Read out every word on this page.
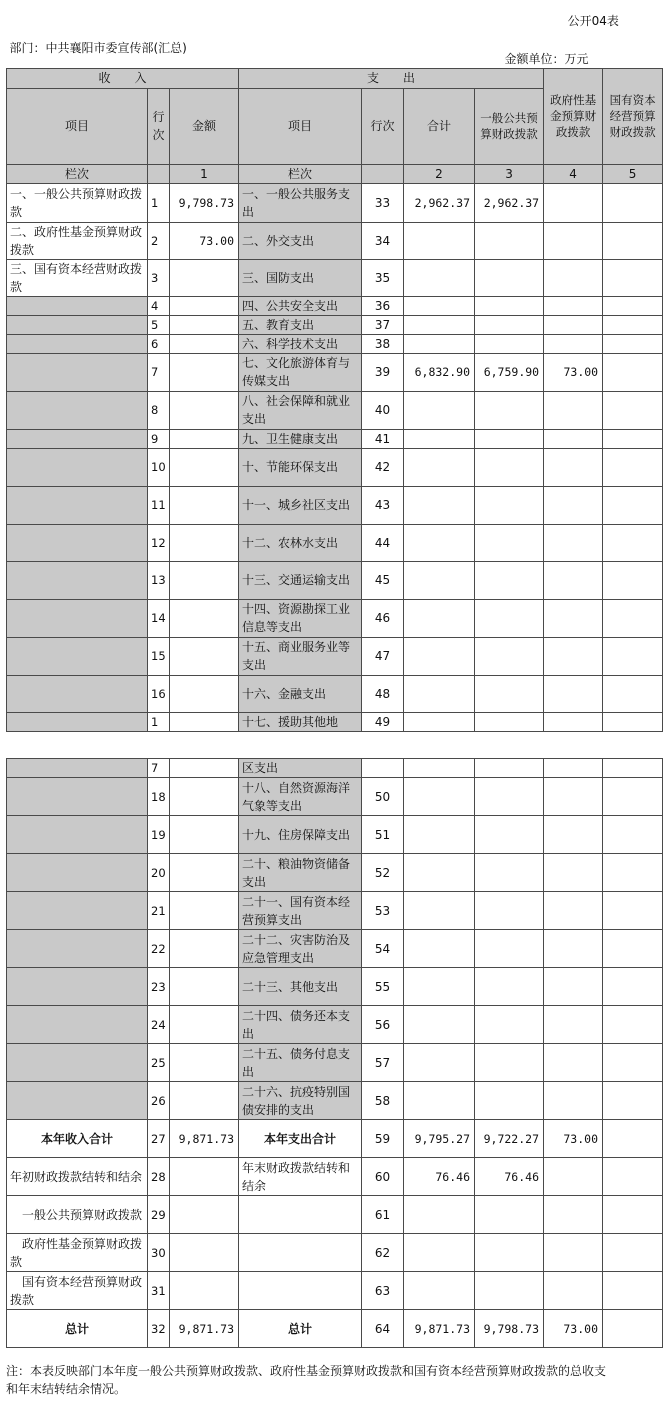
							公开04表	
部门：中共襄阳市委宣传部(汇总)						金额单位：万元		
收　　入			支　　出				政府性基金预算财政拨款	国有资本经营预算财政拨款
项目	行次	金额	项目	行次	合计	一般公共预算财政拨款		
栏次		1	栏次		2	3	4	5
一、一般公共预算财政拨款	1	9,798.73	一、一般公共服务支出	33	2,962.37	2,962.37		
二、政府性基金预算财政拨款	2	73.00	二、外交支出	34				
三、国有资本经营财政拨款	3		三、国防支出	35				
	4		四、公共安全支出	36				
	5		五、教育支出	37				
	6		六、科学技术支出	38				
	7		七、文化旅游体育与传媒支出	39	6,832.90	6,759.90	73.00	
	8		八、社会保障和就业支出	40				
	9		九、卫生健康支出	41				
	10		十、节能环保支出	42				
	11		十一、城乡社区支出	43				
	12		十二、农林水支出	44				
	13		十三、交通运输支出	45				
	14		十四、资源勘探工业信息等支出	46				
	15		十五、商业服务业等支出	47				
	16		十六、金融支出	48				
	1		十七、援助其他地	49				
	7		区支出					
	18		十八、自然资源海洋气象等支出	50				
	19		十九、住房保障支出	51				
	20		二十、粮油物资储备支出	52				
	21		二十一、国有资本经营预算支出	53				
	22		二十二、灾害防治及应急管理支出	54				
	23		二十三、其他支出	55				
	24		二十四、债务还本支出	56				
	25		二十五、债务付息支出	57				
	26		二十六、抗疫特别国债安排的支出	58				
本年收入合计	27	9,871.73	本年支出合计	59	9,795.27	9,722.27	73.00	
年初财政拨款结转和结余	28		年末财政拨款结转和结余	60	76.46	76.46		
　一般公共预算财政拨款	29			61				
　政府性基金预算财政拨款	30			62				
　国有资本经营预算财政拨款	31			63				
总计	32	9,871.73	总计	64	9,871.73	9,798.73	73.00	
注：本表反映部门本年度一般公共预算财政拨款、政府性基金预算财政拨款和国有资本经营预算财政拨款的总收支和年末结转结余情况。
